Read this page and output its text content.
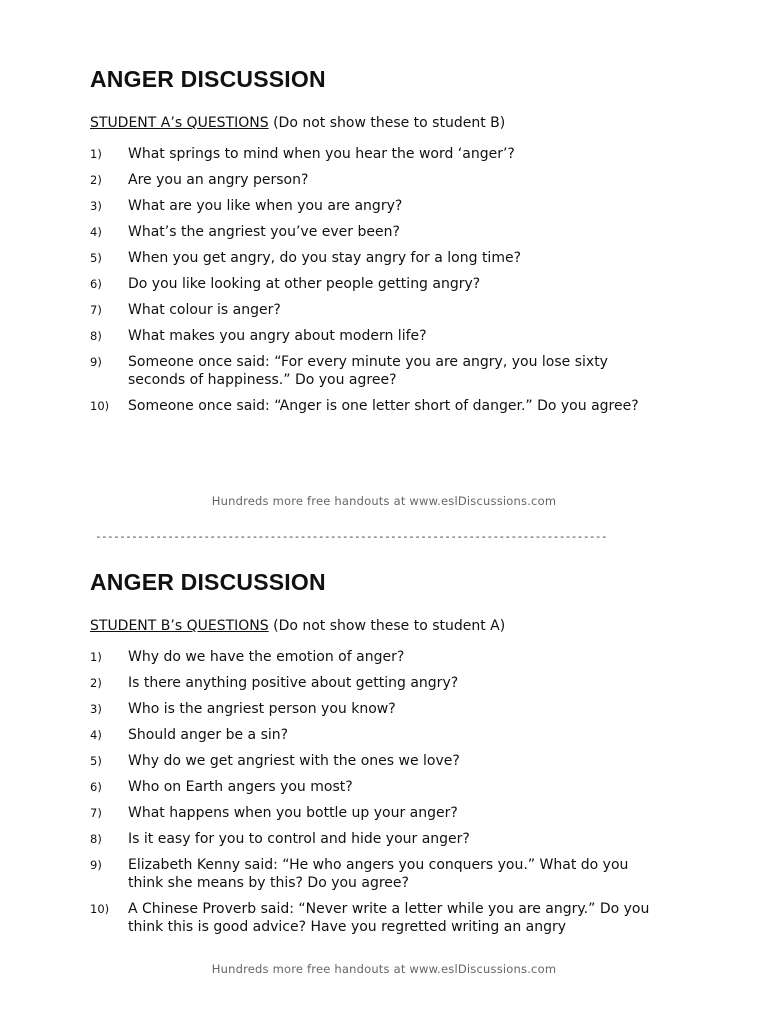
ANGER DISCUSSION
STUDENT A’s QUESTIONS (Do not show these to student B)
1)	What springs to mind when you hear the word ‘anger’?
2)	Are you an angry person?
3)	What are you like when you are angry?
4)	What’s the angriest you’ve ever been?
5)	When you get angry, do you stay angry for a long time?
6)	Do you like looking at other people getting angry?
7)	What colour is anger?
8)	What makes you angry about modern life?
9)	Someone once said: “For every minute you are angry, you lose sixty seconds of happiness.” Do you agree?
10)	Someone once said: “Anger is one letter short of danger.” Do you agree?
Hundreds more free handouts at www.eslDiscussions.com
-------------------------------------------------------------------------------------
ANGER DISCUSSION
STUDENT B’s QUESTIONS (Do not show these to student A)
1)	Why do we have the emotion of anger?
2)	Is there anything positive about getting angry?
3)	Who is the angriest person you know?
4)	Should anger be a sin?
5)	Why do we get angriest with the ones we love?
6)	Who on Earth angers you most?
7)	What happens when you bottle up your anger?
8)	Is it easy for you to control and hide your anger?
9)	Elizabeth Kenny said: “He who angers you conquers you.” What do you think she means by this? Do you agree?
10)	A Chinese Proverb said: “Never write a letter while you are angry.” Do you think this is good advice? Have you regretted writing an angry
Hundreds more free handouts at www.eslDiscussions.com
